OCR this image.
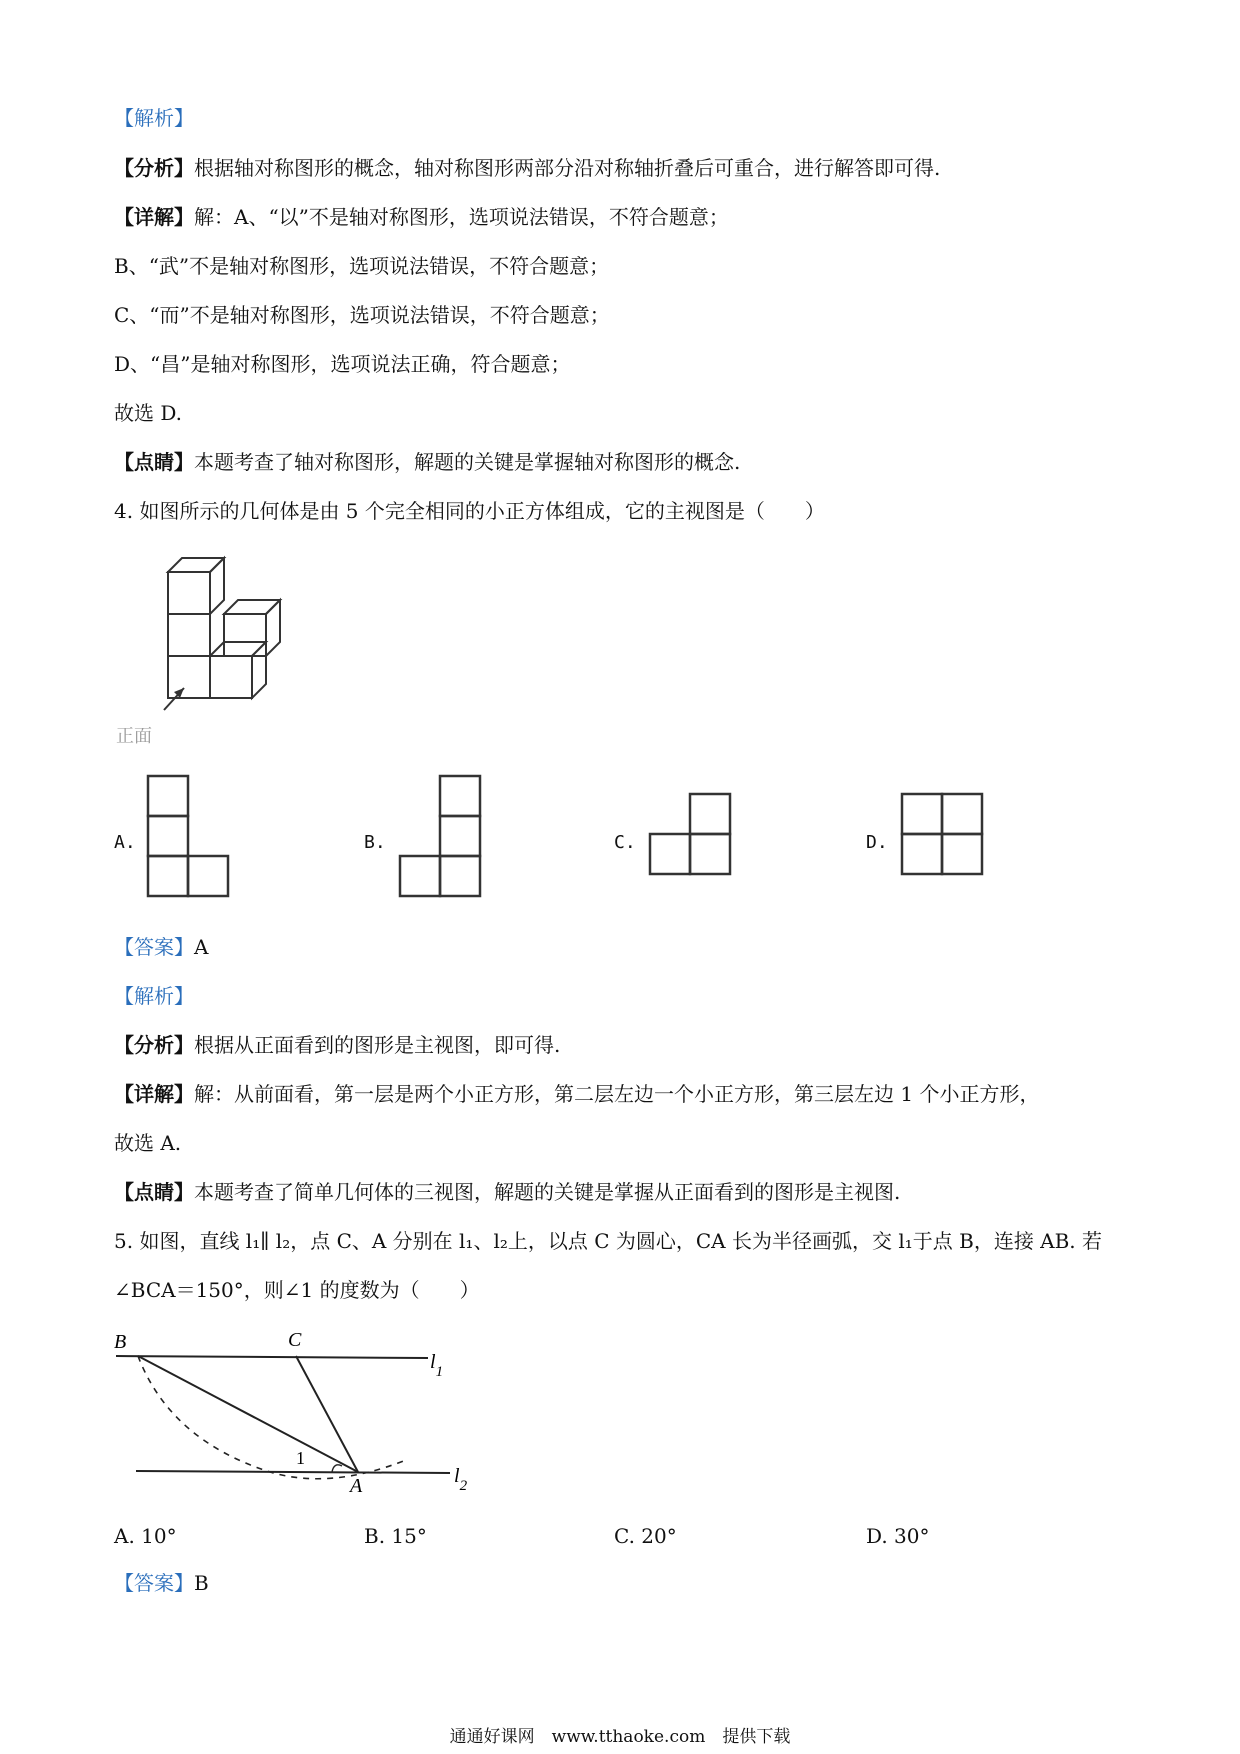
【解析】
【分析】根据轴对称图形的概念，轴对称图形两部分沿对称轴折叠后可重合，进行解答即可得.
【详解】解：A、“以”不是轴对称图形，选项说法错误，不符合题意；
B、“武”不是轴对称图形，选项说法错误，不符合题意；
C、“而”不是轴对称图形，选项说法错误，不符合题意；
D、“昌”是轴对称图形，选项说法正确，符合题意；
故选 D.
【点睛】本题考查了轴对称图形，解题的关键是掌握轴对称图形的概念.
4. 如图所示的几何体是由 5 个完全相同的小正方体组成，它的主视图是（　　）
正面
A.	B.	C.	D.
【答案】A
【解析】
【分析】根据从正面看到的图形是主视图，即可得.
【详解】解：从前面看，第一层是两个小正方形，第二层左边一个小正方形，第三层左边 1 个小正方形，
故选 A.
【点睛】本题考查了简单几何体的三视图，解题的关键是掌握从正面看到的图形是主视图.
5. 如图，直线 l₁∥ l₂，点 C、A 分别在 l₁、l₂上，以点 C 为圆心，CA 长为半径画弧，交 l₁于点 B，连接 AB. 若
∠BCA＝150°，则∠1 的度数为（　　）
B	C
A
1
$l_1$
$l_2$
A. 10°	B. 15°	C. 20°	D. 30°
【答案】B
通通好课网　www.tthaoke.com　提供下载
